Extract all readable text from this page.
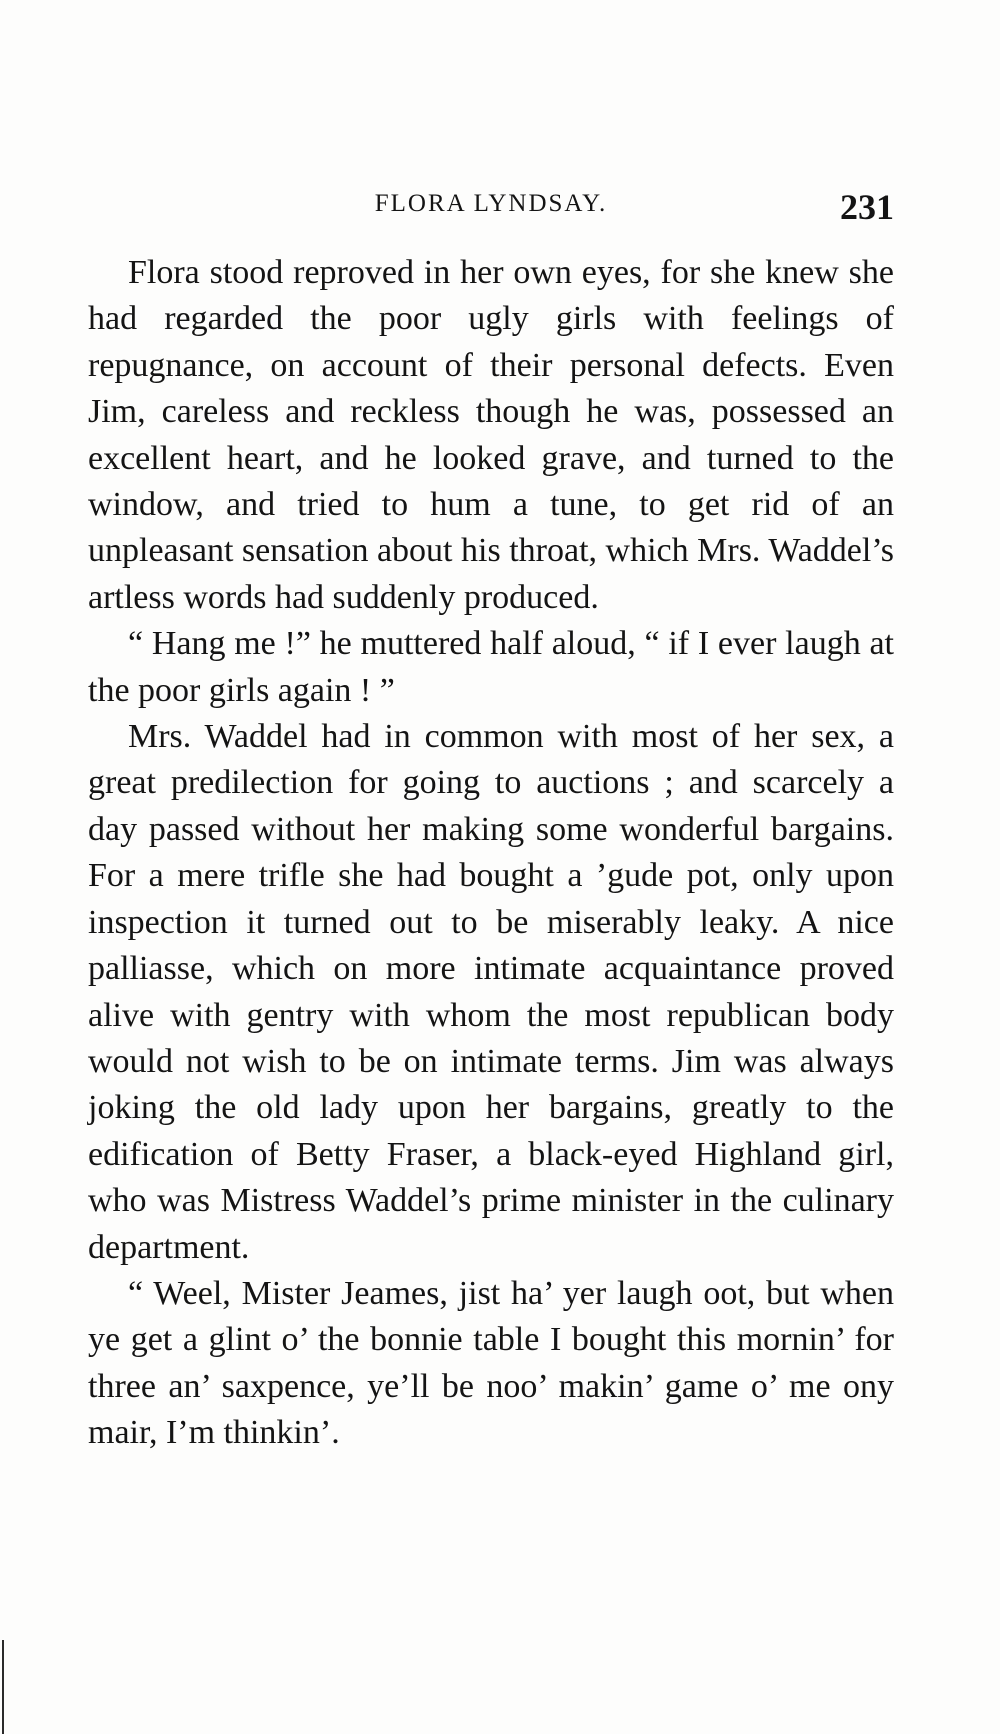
FLORA LYNDSAY.	231

Flora stood reproved in her own eyes, for she knew she had regarded the poor ugly girls with feelings of repugnance, on account of their personal defects. Even Jim, careless and reckless though he was, possessed an excellent heart, and he looked grave, and turned to the window, and tried to hum a tune, to get rid of an unpleasant sensation about his throat, which Mrs. Waddel’s artless words had suddenly produced.

“ Hang me !” he muttered half aloud, “ if I ever laugh at the poor girls again ! ”

Mrs. Waddel had in common with most of her sex, a great predilection for going to auctions ; and scarcely a day passed without her making some wonderful bargains. For a mere trifle she had bought a ’gude pot, only upon inspection it turned out to be miserably leaky. A nice palliasse, which on more intimate acquaintance proved alive with gentry with whom the most republican body would not wish to be on intimate terms. Jim was always joking the old lady upon her bargains, greatly to the edification of Betty Fraser, a black-eyed Highland girl, who was Mistress Waddel’s prime minister in the culinary department.

“ Weel, Mister Jeames, jist ha’ yer laugh oot, but when ye get a glint o’ the bonnie table I bought this mornin’ for three an’ saxpence, ye’ll be noo’ makin’ game o’ me ony mair, I’m thinkin’.
